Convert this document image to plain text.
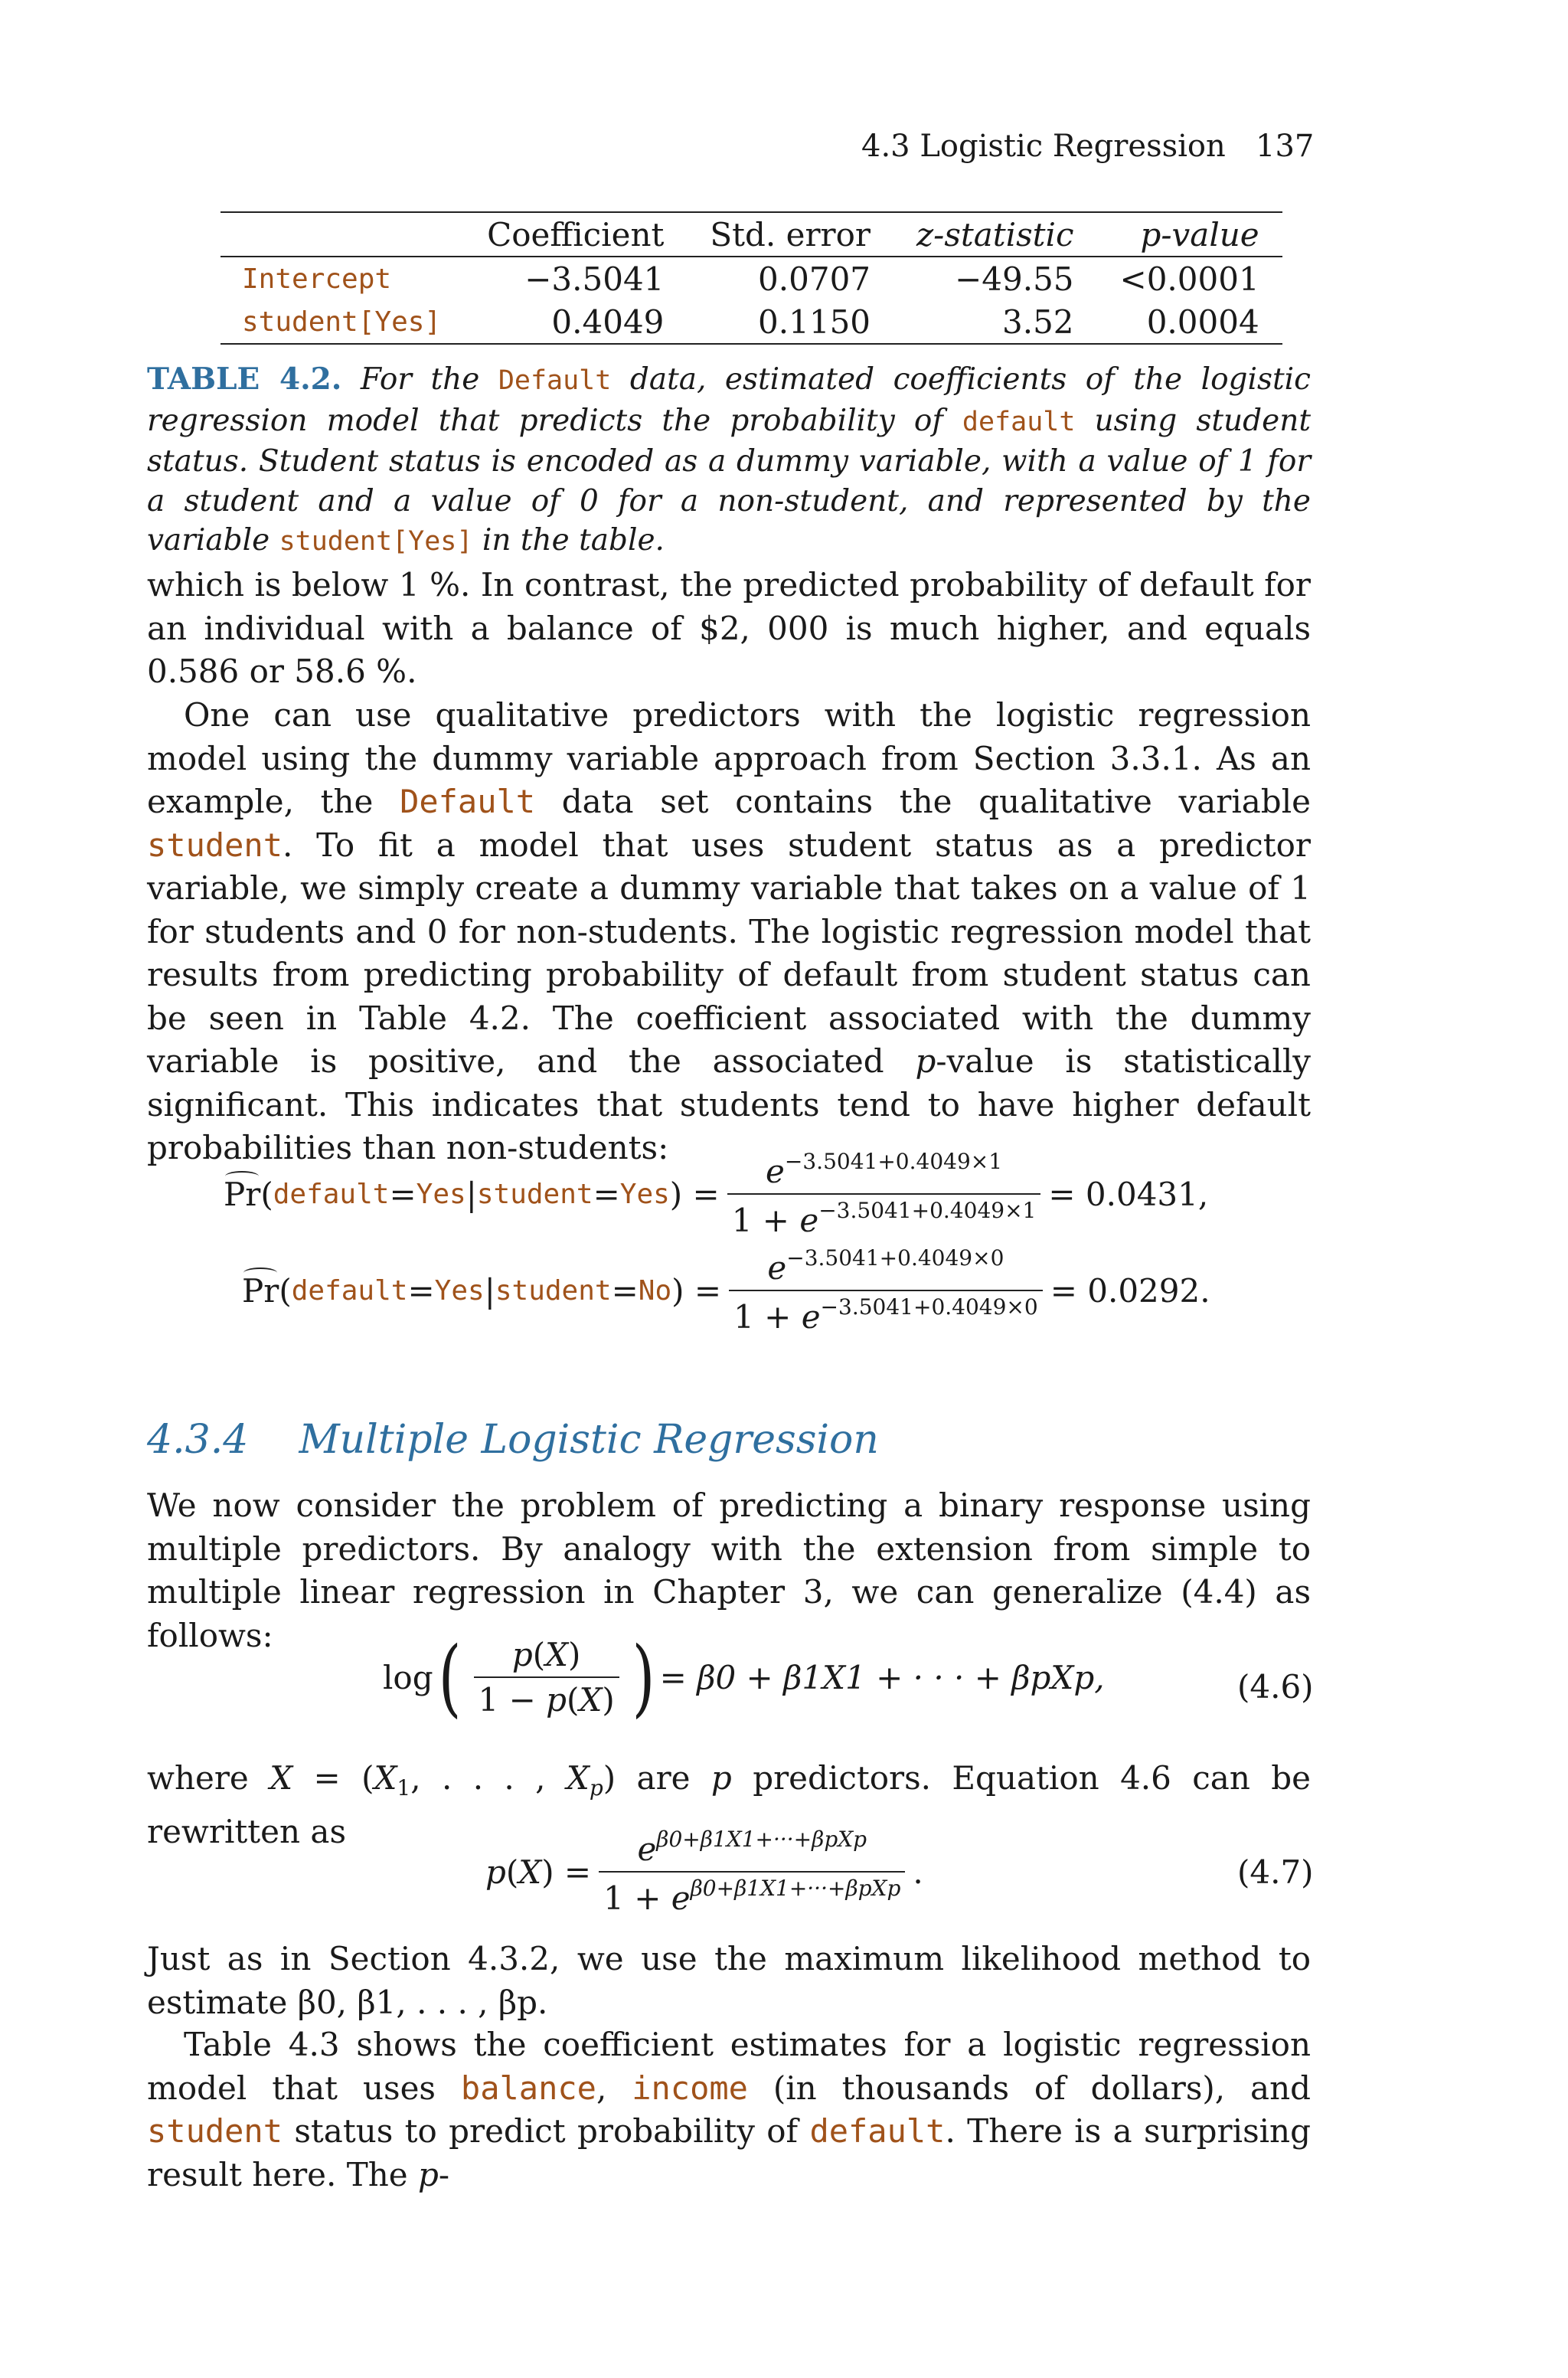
4.3 Logistic Regression 137
	Coefficient	Std. error	z-statistic	p-value
Intercept	−3.5041	0.0707	−49.55	<0.0001
student[Yes]	0.4049	0.1150	3.52	0.0004

TABLE 4.2. For the Default data, estimated coefficients of the logistic regression model that predicts the probability of default using student status. Student status is encoded as a dummy variable, with a value of 1 for a student and a value of 0 for a non-student, and represented by the variable student[Yes] in the table.

which is below 1 %. In contrast, the predicted probability of default for an individual with a balance of $2, 000 is much higher, and equals 0.586 or 58.6 %.

One can use qualitative predictors with the logistic regression model using the dummy variable approach from Section 3.3.1. As an example, the Default data set contains the qualitative variable student. To fit a model that uses student status as a predictor variable, we simply create a dummy variable that takes on a value of 1 for students and 0 for non-students. The logistic regression model that results from predicting probability of default from student status can be seen in Table 4.2. The coefficient associated with the dummy variable is positive, and the associated p-value is statistically significant. This indicates that students tend to have higher default probabilities than non-students:

Pr ( default = Yes | student = Yes ) = $\frac{e^{-3.5041+0.4049\times 1}}{1 + e^{-3.5041+0.4049\times 1}} = 0.0431$,
Pr ( default = Yes | student = No ) = $\frac{e^{-3.5041+0.4049\times 0}}{1 + e^{-3.5041+0.4049\times 0}} = 0.0292$.
4.3.4 Multiple Logistic Regression

We now consider the problem of predicting a binary response using multiple predictors. By analogy with the extension from simple to multiple linear regression in Chapter 3, we can generalize (4.4) as follows:

log ( $\frac{p(X)}{1 - p(X)}$ ) = β0 + β1X1 + · · · + βpXp,	(4.6)

where $X = (X_1$, . . . , $X_p$) are p predictors. Equation 4.6 can be rewritten as

p ( X ) = $\frac{e^{\beta 0+\beta 1X1+\cdot\cdot\cdot+\beta pXp}}{1 + e^{\beta 0+\beta 1X1+\cdot\cdot\cdot+\beta pXp}}$ .	(4.7)

Just as in Section 4.3.2, we use the maximum likelihood method to estimate β0, β1, . . . , βp.

Table 4.3 shows the coefficient estimates for a logistic regression model that uses balance, income (in thousands of dollars), and student status to predict probability of default. There is a surprising result here. The p-
